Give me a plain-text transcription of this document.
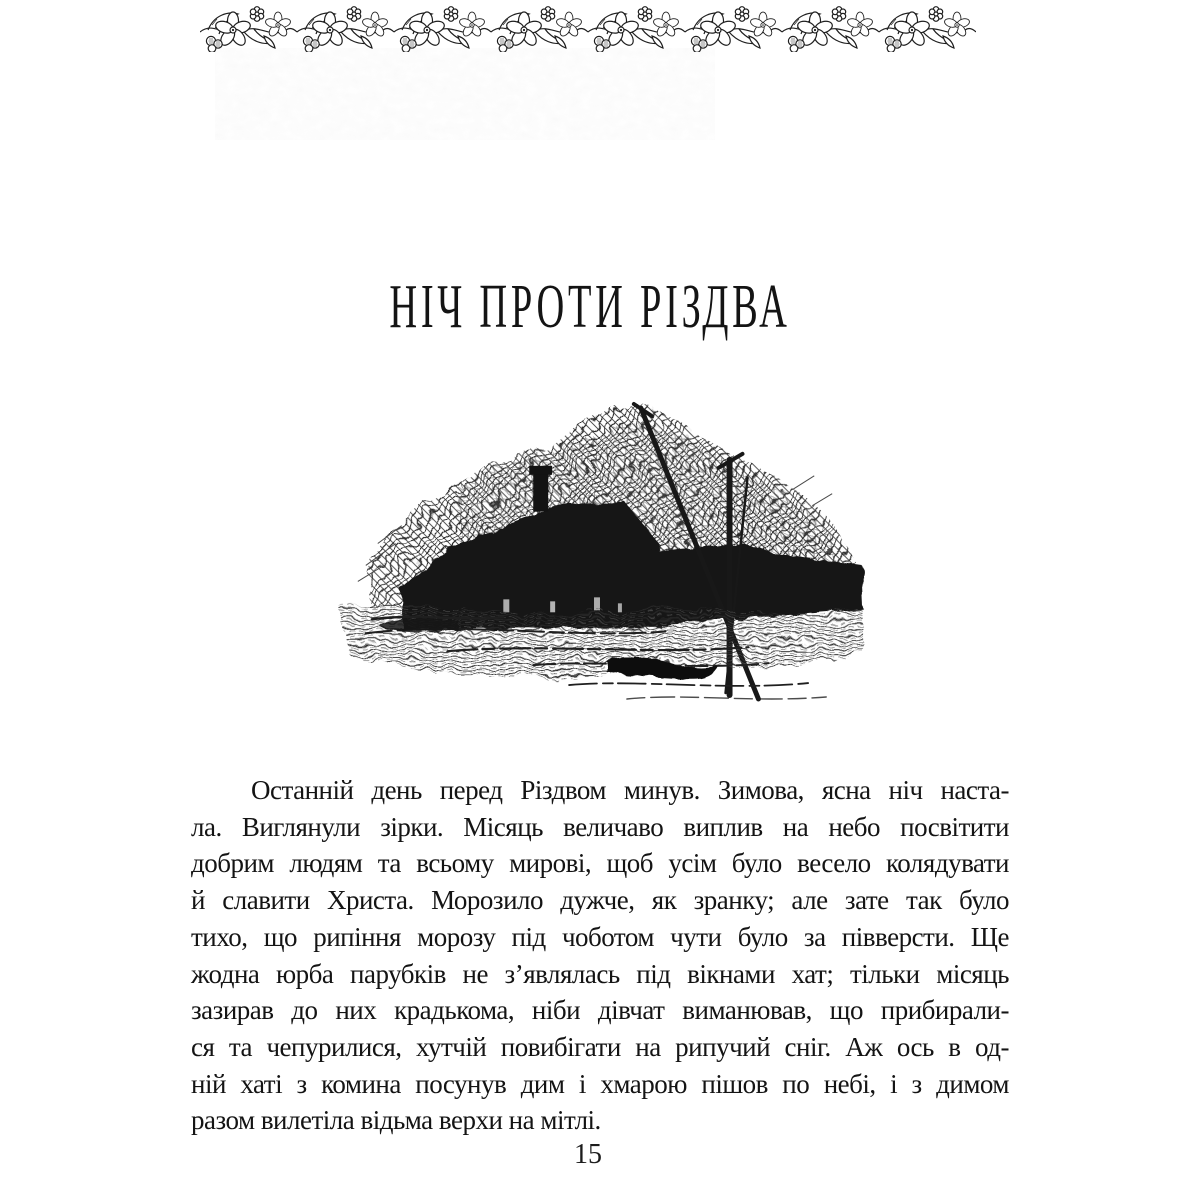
НІЧ ПРОТИ РІЗДВА
Останній день перед Різдвом минув. Зимова, ясна ніч наста-
ла. Виглянули зірки. Місяць величаво виплив на небо посвітити
добрим людям та всьому мирові, щоб усім було весело колядувати
й славити Христа. Морозило дужче, як зранку; але зате так було
тихо, що рипіння морозу під чоботом чути було за півверсти. Ще
жодна юрба парубків не з’являлась під вікнами хат; тільки місяць
зазирав до них крадькома, ніби дівчат виманював, що прибирали-
ся та чепурилися, хутчій повибігати на рипучий сніг. Аж ось в од-
ній хаті з комина посунув дим і хмарою пішов по небі, і з димом
разом вилетіла відьма верхи на мітлі.
15
